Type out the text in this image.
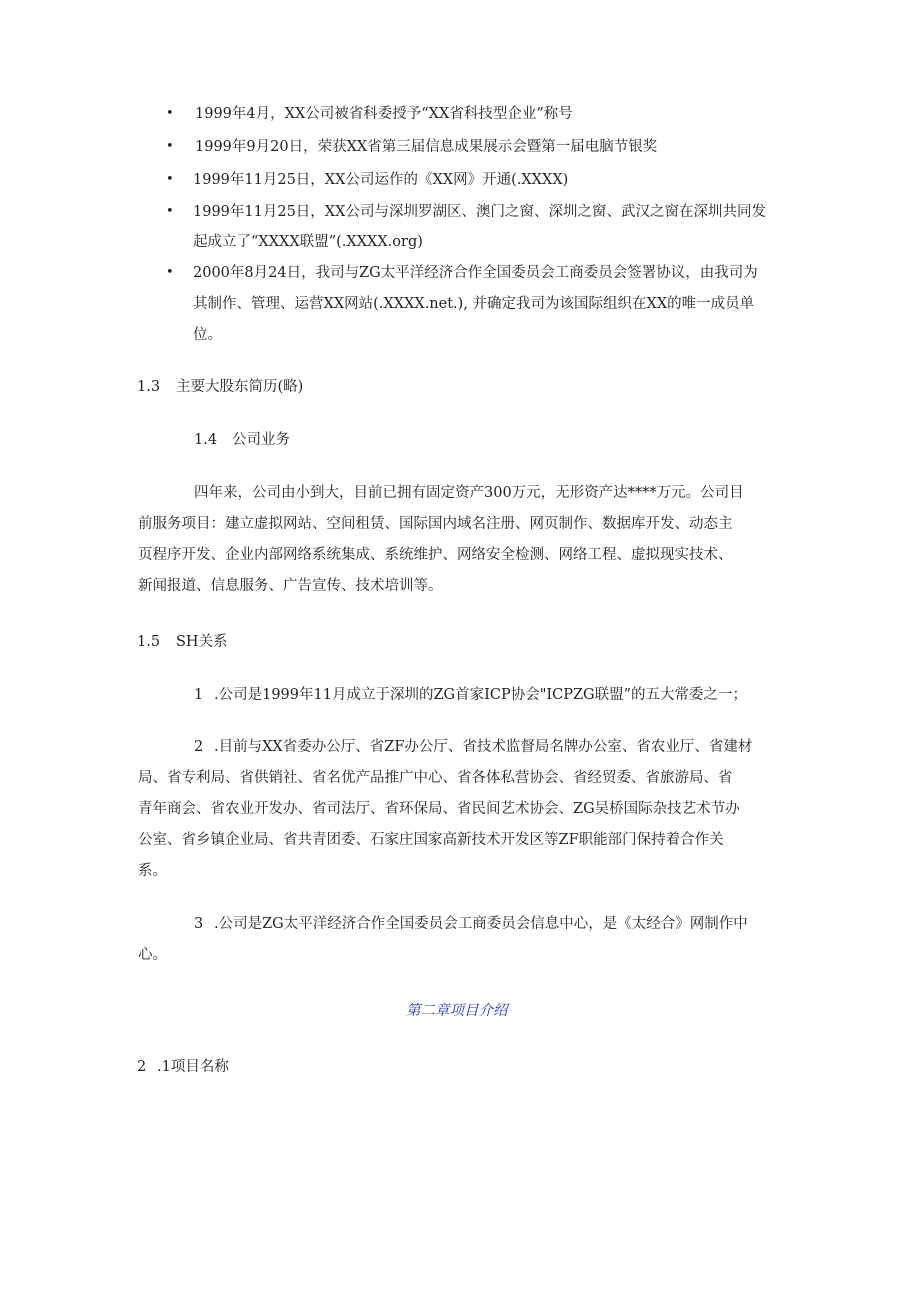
• 1999年4月，XX公司被省科委授予“XX省科技型企业”称号
• 1999年9月20日，荣获XX省第三届信息成果展示会暨第一届电脑节银奖
• 1999年11月25日，XX公司运作的《XX网》开通(.XXXX)
• 1999年11月25日，XX公司与深圳罗湖区、澳门之窗、深圳之窗、武汉之窗在深圳共同发
起成立了“XXXX联盟”(.XXXX.org)
• 2000年8月24日，我司与ZG太平洋经济合作全国委员会工商委员会签署协议，由我司为
其制作、管理、运营XX网站(.XXXX.net.), 并确定我司为该国际组织在XX的唯一成员单
位。
1.3 主要大股东简历(略)
1.4 公司业务
四年来，公司由小到大，目前已拥有固定资产300万元，无形资产达****万元。公司目
前服务项目：建立虚拟网站、空间租赁、国际国内域名注册、网页制作、数据库开发、动态主
页程序开发、企业内部网络系统集成、系统维护、网络安全检测、网络工程、虚拟现实技术、
新闻报道、信息服务、广告宣传、技术培训等。
1.5 SH关系
1 .公司是1999年11月成立于深圳的ZG首家ICP协会"ICPZG联盟”的五大常委之一；
2 .目前与XX省委办公厅、省ZF办公厅、省技术监督局名牌办公室、省农业厅、省建材
局、省专利局、省供销社、省名优产品推广中心、省各体私营协会、省经贸委、省旅游局、省
青年商会、省农业开发办、省司法厅、省环保局、省民间艺术协会、ZG吴桥国际杂技艺术节办
公室、省乡镇企业局、省共青团委、石家庄国家高新技术开发区等ZF职能部门保持着合作关
系。
3 .公司是ZG太平洋经济合作全国委员会工商委员会信息中心，是《太经合》网制作中
心。
第二章项目介绍
2 .1项目名称
